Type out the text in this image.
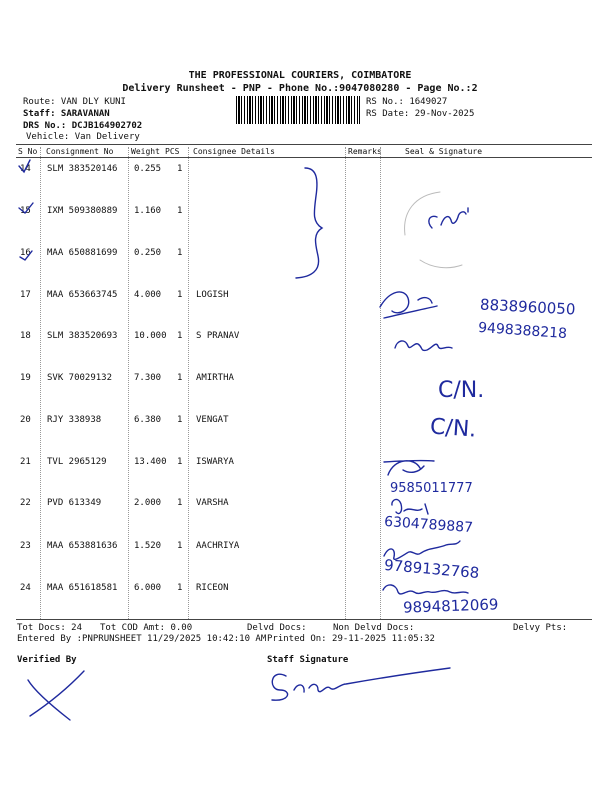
THE PROFESSIONAL COURIERS, COIMBATORE
Delivery Runsheet - PNP - Phone No.:9047080280 - Page No.:2
Route: VAN DLY KUNI
Staff: SARAVANAN
DRS No.: DCJB164902702
Vehicle: Van Delivery
RS No.: 1649027
RS Date: 29-Nov-2025
S No Consignment No Weight PCS Consignee Details	Remarks	Seal & Signature
14 SLM 383520146 0.255 1
15 IXM 509380889 1.160 1
16 MAA 650881699 0.250 1
17 MAA 653663745 4.000 1 LOGISH
18 SLM 383520693 10.000 1 S PRANAV
19 SVK 70029132 7.300 1 AMIRTHA
20 RJY 338938	6.380 1 VENGAT
21 TVL 2965129	13.400 1 ISWARYA
22 PVD 613349	2.000 1 VARSHA
23 MAA 653881636 1.520 1 AACHRIYA
24 MAA 651618581 6.000 1 RICEON
Tot Docs: 24 Tot COD Amt: 0.00	Delvd Docs:	Non Delvd Docs:	Delvy Pts:
Entered By :PNPRUNSHEET 11/29/2025 10:42:10 AM Printed On: 29-11-2025 11:05:32
Verified By	Staff Signature
8838960050
9498388218
C/N.
C/N.
9585011777
6304789887
9789132768
9894812069
